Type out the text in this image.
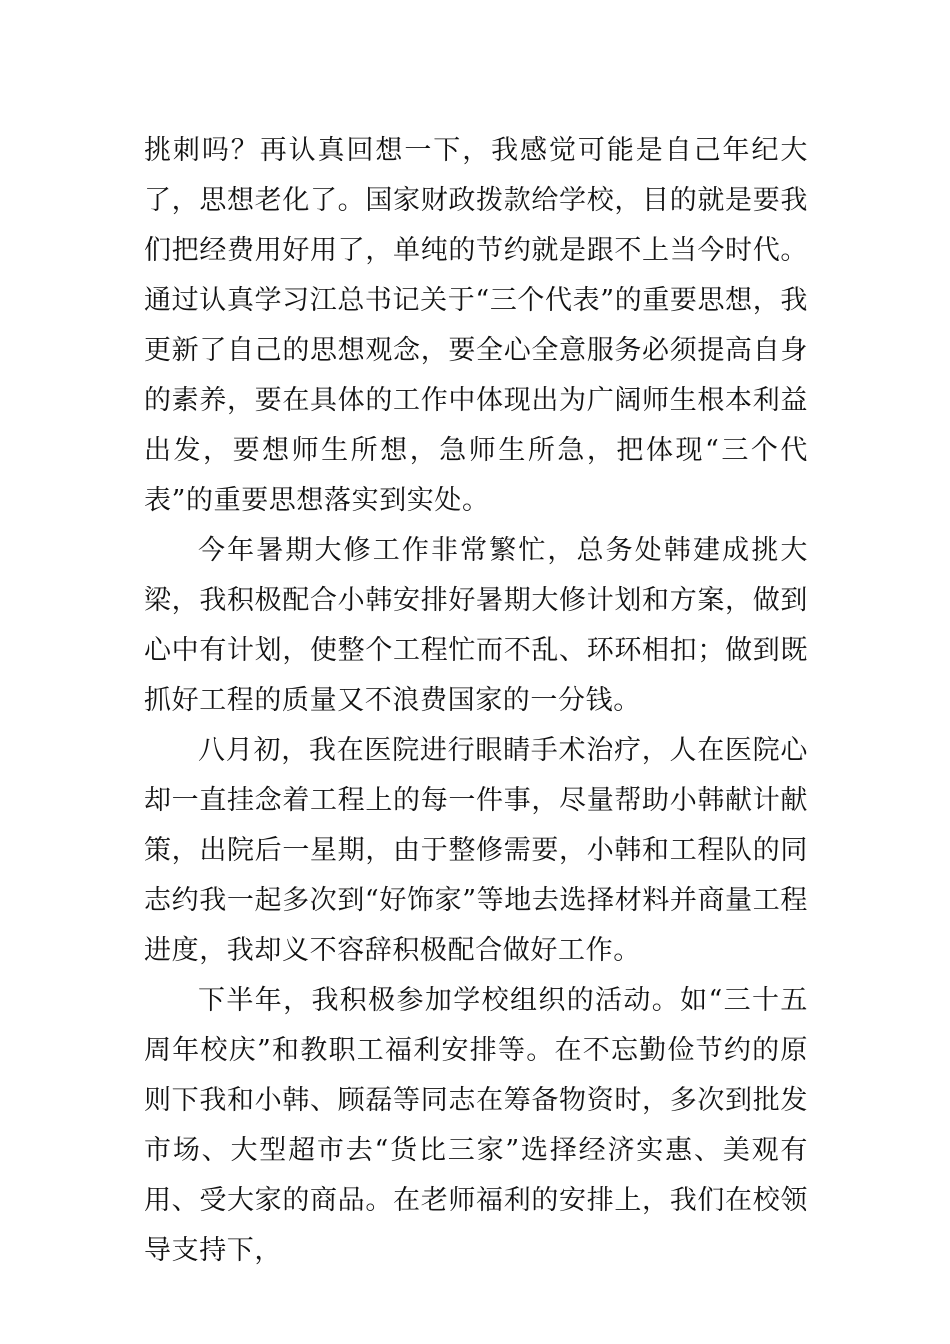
挑刺吗？再认真回想一下，我感觉可能是自己年纪大了，思想老化了。国家财政拨款给学校，目的就是要我们把经费用好用了，单纯的节约就是跟不上当今时代。通过认真学习江总书记关于“三个代表”的重要思想，我更新了自己的思想观念，要全心全意服务必须提高自身的素养，要在具体的工作中体现出为广阔师生根本利益出发，要想师生所想，急师生所急，把体现“三个代表”的重要思想落实到实处。

今年暑期大修工作非常繁忙，总务处韩建成挑大梁，我积极配合小韩安排好暑期大修计划和方案，做到心中有计划，使整个工程忙而不乱、环环相扣；做到既抓好工程的质量又不浪费国家的一分钱。

八月初，我在医院进行眼睛手术治疗，人在医院心却一直挂念着工程上的每一件事，尽量帮助小韩献计献策，出院后一星期，由于整修需要，小韩和工程队的同志约我一起多次到“好饰家”等地去选择材料并商量工程进度，我却义不容辞积极配合做好工作。

下半年，我积极参加学校组织的活动。如“三十五周年校庆”和教职工福利安排等。在不忘勤俭节约的原则下我和小韩、顾磊等同志在筹备物资时，多次到批发市场、大型超市去“货比三家”选择经济实惠、美观有用、受大家的商品。在老师福利的安排上，我们在校领导支持下，
